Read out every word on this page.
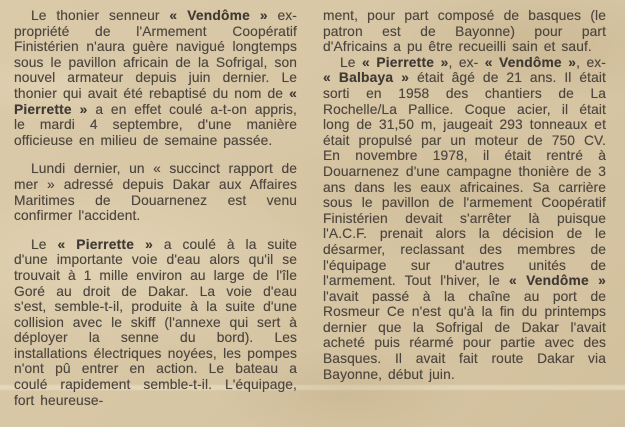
Le thonier senneur « Vendôme » ex-propriété de l'Armement Coopératif Finistérien n'aura guère navigué longtemps sous le pavillon africain de la Sofrigal, son nouvel armateur depuis juin dernier. Le thonier qui avait été rebaptisé du nom de « Pierrette » a en effet coulé a-t-on appris, le mardi 4 septembre, d'une manière officieuse en milieu de semaine passée.

Lundi dernier, un « succinct rapport de mer » adressé depuis Dakar aux Affaires Maritimes de Douarnenez est venu confirmer l'accident.

Le « Pierrette » a coulé à la suite d'une importante voie d'eau alors qu'il se trouvait à 1 mille environ au large de l'île Goré au droit de Dakar. La voie d'eau s'est, semble-t-il, produite à la suite d'une collision avec le skiff (l'annexe qui sert à déployer la senne du bord). Les installations électriques noyées, les pompes n'ont pû entrer en action. Le bateau a coulé rapidement semble-t-il. L'équipage, fort heureuse-

ment, pour part composé de basques (le patron est de Bayonne) pour part d'Africains a pu être recueilli sain et sauf.

Le « Pierrette », ex- « Vendôme », ex- « Balbaya » était âgé de 21 ans. Il était sorti en 1958 des chantiers de La Rochelle/La Pallice. Coque acier, il était long de 31,50 m, jaugeait 293 tonneaux et était propulsé par un moteur de 750 CV. En novembre 1978, il était rentré à Douarnenez d'une campagne thonière de 3 ans dans les eaux africaines. Sa carrière sous le pavillon de l'armement Coopératif Finistérien devait s'arrêter là puisque l'A.C.F. prenait alors la décision de le désarmer, reclassant des membres de l'équipage sur d'autres unités de l'armement. Tout l'hiver, le « Vendôme » l'avait passé à la chaîne au port de Rosmeur Ce n'est qu'à la fin du printemps dernier que la Sofrigal de Dakar l'avait acheté puis réarmé pour partie avec des Basques. Il avait fait route Dakar via Bayonne, début juin.
